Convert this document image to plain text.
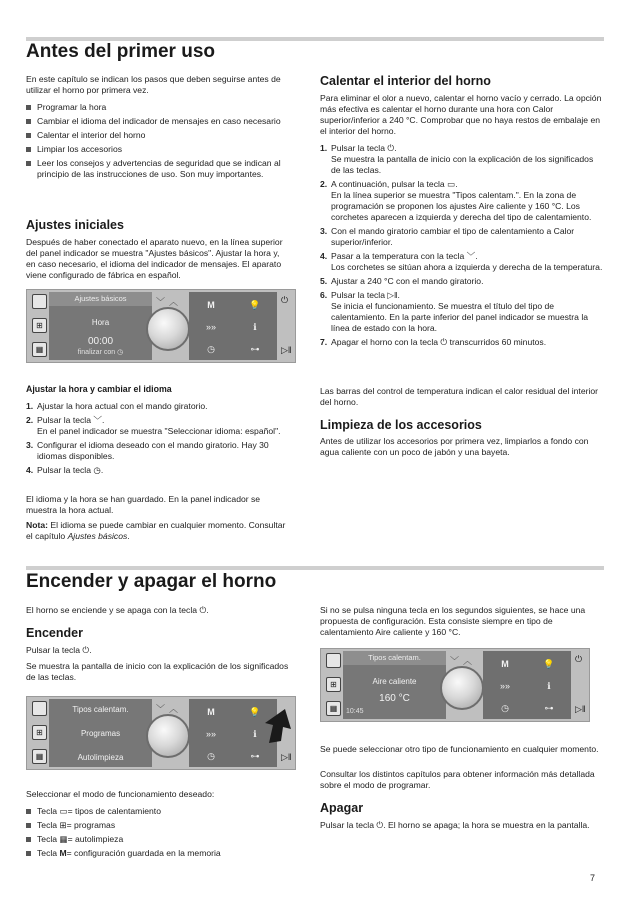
Antes del primer uso
En este capítulo se indican los pasos que deben seguirse antes de utilizar el horno por primera vez.
Programar la hora
Cambiar el idioma del indicador de mensajes en caso necesario
Calentar el interior del horno
Limpiar los accesorios
Leer los consejos y advertencias de seguridad que se indican al principio de las instrucciones de uso. Son muy importantes.
Ajustes iniciales
Después de haber conectado el aparato nuevo, en la línea superior del panel indicador se muestra "Ajustes básicos". Ajustar la hora y, en caso necesario, el idioma del indicador de mensajes. El aparato viene configurado de fábrica en español.
⊞
▦
Ajustes básicos
Hora
00:00
finalizar con ◷
﹀ ︿	M	💡
»»	ℹ
◷	⊶
⏻
▷‖
Ajustar la hora y cambiar el idioma
1. Ajustar la hora actual con el mando giratorio.
2. Pulsar la tecla ﹀.
En el panel indicador se muestra "Seleccionar idioma: español".
3. Configurar el idioma deseado con el mando giratorio. Hay 30 idiomas disponibles.
4. Pulsar la tecla ◷.
El idioma y la hora se han guardado. En la panel indicador se muestra la hora actual.
Nota: El idioma se puede cambiar en cualquier momento. Consultar el capítulo Ajustes básicos.
Calentar el interior del horno
Para eliminar el olor a nuevo, calentar el horno vacío y cerrado. La opción más efectiva es calentar el horno durante una hora con Calor superior/inferior a 240 °C. Comprobar que no haya restos de embalaje en el interior del horno.
1. Pulsar la tecla ⏻.
Se muestra la pantalla de inicio con la explicación de los significados de las teclas.
2. A continuación, pulsar la tecla ▭.
En la línea superior se muestra "Tipos calentam.". En la zona de programación se proponen los ajustes Aire caliente y 160 °C. Los corchetes aparecen a izquierda y derecha del tipo de calentamiento.
3. Con el mando giratorio cambiar el tipo de calentamiento a Calor superior/inferior.
4. Pasar a la temperatura con la tecla ﹀.
Los corchetes se sitúan ahora a izquierda y derecha de la temperatura.
5. Ajustar a 240 °C con el mando giratorio.
6. Pulsar la tecla ▷‖.
Se inicia el funcionamiento. Se muestra el título del tipo de calentamiento. En la parte inferior del panel indicador se muestra la línea de estado con la hora.
7. Apagar el horno con la tecla ⏻ transcurridos 60 minutos.
Las barras del control de temperatura indican el calor residual del interior del horno.
Limpieza de los accesorios
Antes de utilizar los accesorios por primera vez, limpiarlos a fondo con agua caliente con un poco de jabón y una bayeta.
Encender y apagar el horno
El horno se enciende y se apaga con la tecla ⏻.
Encender
Pulsar la tecla ⏻.
Se muestra la pantalla de inicio con la explicación de los significados de las teclas.
⊞
▦
Tipos calentam.
Programas
Autolimpieza
﹀ ︿	M	💡
»»	ℹ
◷	⊶	▷‖
Seleccionar el modo de funcionamiento deseado:
Tecla ▭= tipos de calentamiento
Tecla ⊞= programas
Tecla ▦= autolimpieza
Tecla M= configuración guardada en la memoria
Si no se pulsa ninguna tecla en los segundos siguientes, se hace una propuesta de configuración. Esta consiste siempre en tipo de calentamiento Aire caliente y 160 °C.
⊞
▦
Tipos calentam.
Aire caliente
160 °C
10:45
﹀ ︿	M	💡
»»	ℹ
◷	⊶
⏻
▷‖
Se puede seleccionar otro tipo de funcionamiento en cualquier momento.
Consultar los distintos capítulos para obtener información más detallada sobre el modo de programar.
Apagar
Pulsar la tecla ⏻. El horno se apaga; la hora se muestra en la pantalla.
7
